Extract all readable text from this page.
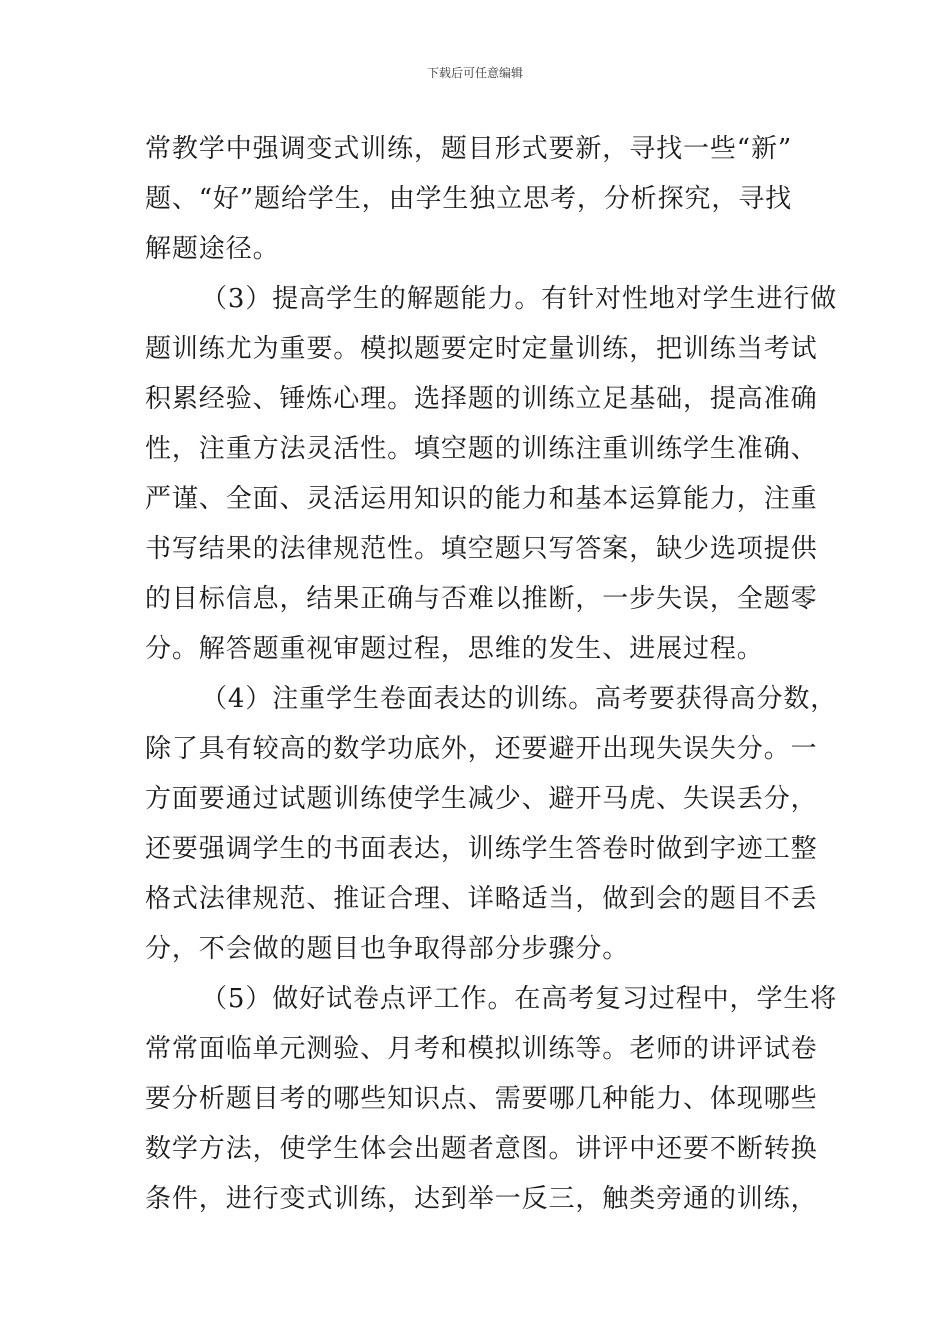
下载后可任意编辑
常教学中强调变式训练，题目形式要新，寻找一些“新”
题、“好”题给学生，由学生独立思考，分析探究，寻找
解题途径。
（3）提高学生的解题能力。有针对性地对学生进行做
题训练尤为重要。模拟题要定时定量训练，把训练当考试
积累经验、锤炼心理。选择题的训练立足基础，提高准确
性，注重方法灵活性。填空题的训练注重训练学生准确、
严谨、全面、灵活运用知识的能力和基本运算能力，注重
书写结果的法律规范性。填空题只写答案，缺少选项提供
的目标信息，结果正确与否难以推断，一步失误，全题零
分。解答题重视审题过程，思维的发生、进展过程。
（4）注重学生卷面表达的训练。高考要获得高分数，
除了具有较高的数学功底外，还要避开出现失误失分。一
方面要通过试题训练使学生减少、避开马虎、失误丢分，
还要强调学生的书面表达，训练学生答卷时做到字迹工整
格式法律规范、推证合理、详略适当，做到会的题目不丢
分，不会做的题目也争取得部分步骤分。
（5）做好试卷点评工作。在高考复习过程中，学生将
常常面临单元测验、月考和模拟训练等。老师的讲评试卷
要分析题目考的哪些知识点、需要哪几种能力、体现哪些
数学方法，使学生体会出题者意图。讲评中还要不断转换
条件，进行变式训练，达到举一反三，触类旁通的训练，
